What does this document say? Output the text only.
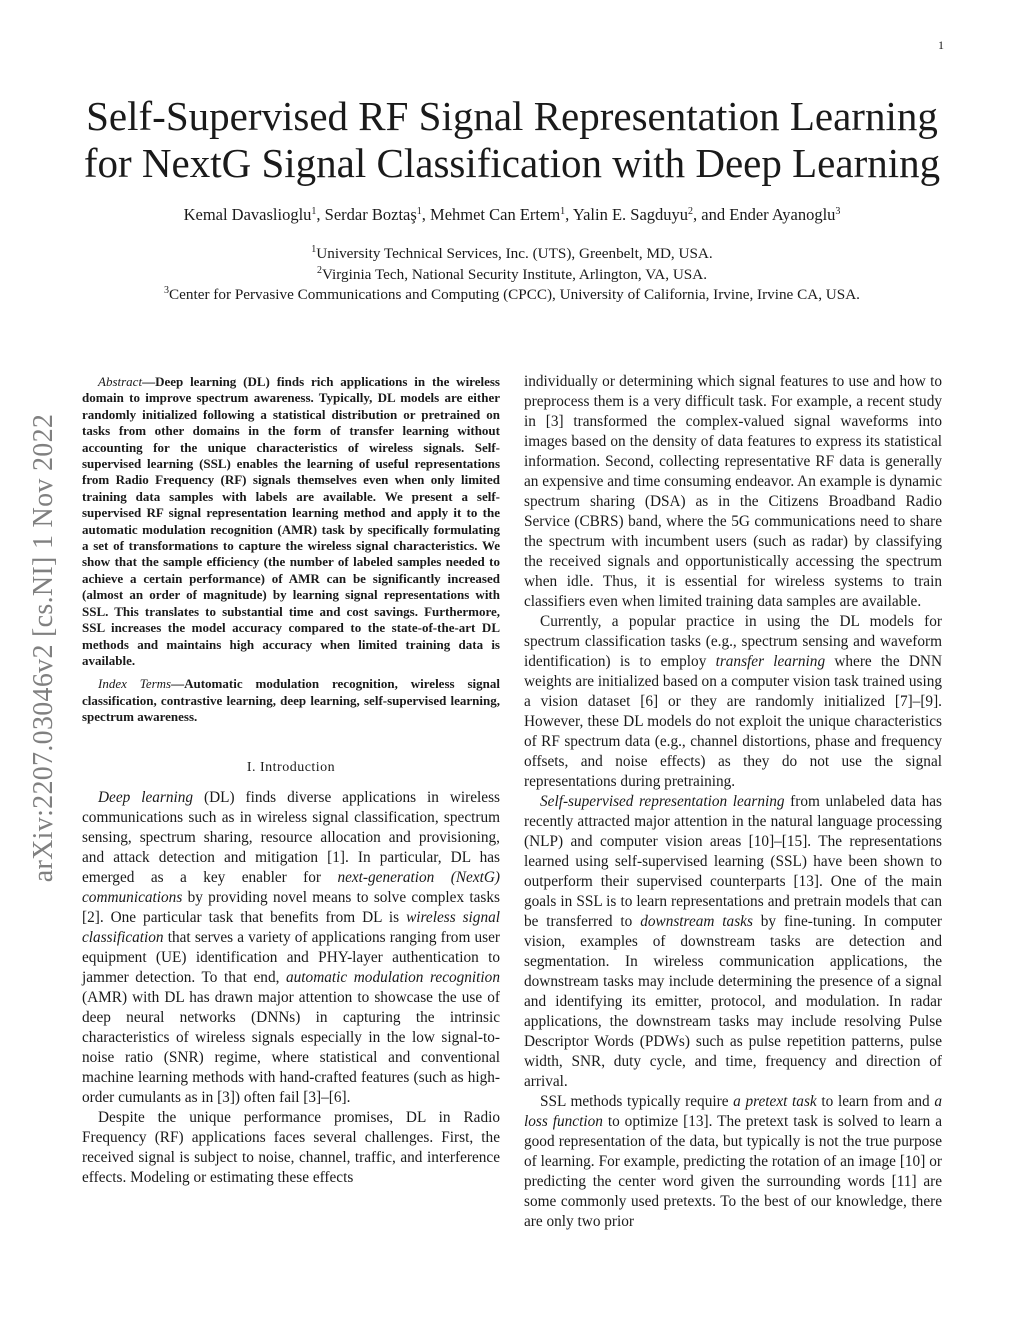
1
Self-Supervised RF Signal Representation Learning
for NextG Signal Classification with Deep Learning
Kemal Davaslioglu$^1$, Serdar Boztaş$^1$, Mehmet Can Ertem$^1$, Yalin E. Sagduyu$^2$, and Ender Ayanoglu$^3$
$^1$University Technical Services, Inc. (UTS), Greenbelt, MD, USA.
$^2$Virginia Tech, National Security Institute, Arlington, VA, USA.
$^3$Center for Pervasive Communications and Computing (CPCC), University of California, Irvine, Irvine CA, USA.
arXiv:2207.03046v2 [cs.NI] 1 Nov 2022

Abstract—Deep learning (DL) finds rich applications in the wireless domain to improve spectrum awareness. Typically, DL models are either randomly initialized following a statistical distribution or pretrained on tasks from other domains in the form of transfer learning without accounting for the unique characteristics of wireless signals. Self-supervised learning (SSL) enables the learning of useful representations from Radio Frequency (RF) signals themselves even when only limited training data samples with labels are available. We present a self-supervised RF signal representation learning method and apply it to the automatic modulation recognition (AMR) task by specifically formulating a set of transformations to capture the wireless signal characteristics. We show that the sample efficiency (the number of labeled samples needed to achieve a certain performance) of AMR can be significantly increased (almost an order of magnitude) by learning signal representations with SSL. This translates to substantial time and cost savings. Furthermore, SSL increases the model accuracy compared to the state-of-the-art DL methods and maintains high accuracy when limited training data is available.

Index Terms—Automatic modulation recognition, wireless signal classification, contrastive learning, deep learning, self-supervised learning, spectrum awareness.

I. Introduction

Deep learning (DL) finds diverse applications in wireless communications such as in wireless signal classification, spectrum sensing, spectrum sharing, resource allocation and provisioning, and attack detection and mitigation [1]. In particular, DL has emerged as a key enabler for next-generation (NextG) communications by providing novel means to solve complex tasks [2]. One particular task that benefits from DL is wireless signal classification that serves a variety of applications ranging from user equipment (UE) identification and PHY-layer authentication to jammer detection. To that end, automatic modulation recognition (AMR) with DL has drawn major attention to showcase the use of deep neural networks (DNNs) in capturing the intrinsic characteristics of wireless signals especially in the low signal-to-noise ratio (SNR) regime, where statistical and conventional machine learning methods with hand-crafted features (such as high-order cumulants as in [3]) often fail [3]–[6].

Despite the unique performance promises, DL in Radio Frequency (RF) applications faces several challenges. First, the received signal is subject to noise, channel, traffic, and interference effects. Modeling or estimating these effects

individually or determining which signal features to use and how to preprocess them is a very difficult task. For example, a recent study in [3] transformed the complex-valued signal waveforms into images based on the density of data features to express its statistical information. Second, collecting representative RF data is generally an expensive and time consuming endeavor. An example is dynamic spectrum sharing (DSA) as in the Citizens Broadband Radio Service (CBRS) band, where the 5G communications need to share the spectrum with incumbent users (such as radar) by classifying the received signals and opportunistically accessing the spectrum when idle. Thus, it is essential for wireless systems to train classifiers even when limited training data samples are available.

Currently, a popular practice in using the DL models for spectrum classification tasks (e.g., spectrum sensing and waveform identification) is to employ transfer learning where the DNN weights are initialized based on a computer vision task trained using a vision dataset [6] or they are randomly initialized [7]–[9]. However, these DL models do not exploit the unique characteristics of RF spectrum data (e.g., channel distortions, phase and frequency offsets, and noise effects) as they do not use the signal representations during pretraining.

Self-supervised representation learning from unlabeled data has recently attracted major attention in the natural language processing (NLP) and computer vision areas [10]–[15]. The representations learned using self-supervised learning (SSL) have been shown to outperform their supervised counterparts [13]. One of the main goals in SSL is to learn representations and pretrain models that can be transferred to downstream tasks by fine-tuning. In computer vision, examples of downstream tasks are detection and segmentation. In wireless communication applications, the downstream tasks may include determining the presence of a signal and identifying its emitter, protocol, and modulation. In radar applications, the downstream tasks may include resolving Pulse Descriptor Words (PDWs) such as pulse repetition patterns, pulse width, SNR, duty cycle, and time, frequency and direction of arrival.

SSL methods typically require a pretext task to learn from and a loss function to optimize [13]. The pretext task is solved to learn a good representation of the data, but typically is not the true purpose of learning. For example, predicting the rotation of an image [10] or predicting the center word given the surrounding words [11] are some commonly used pretexts. To the best of our knowledge, there are only two prior
